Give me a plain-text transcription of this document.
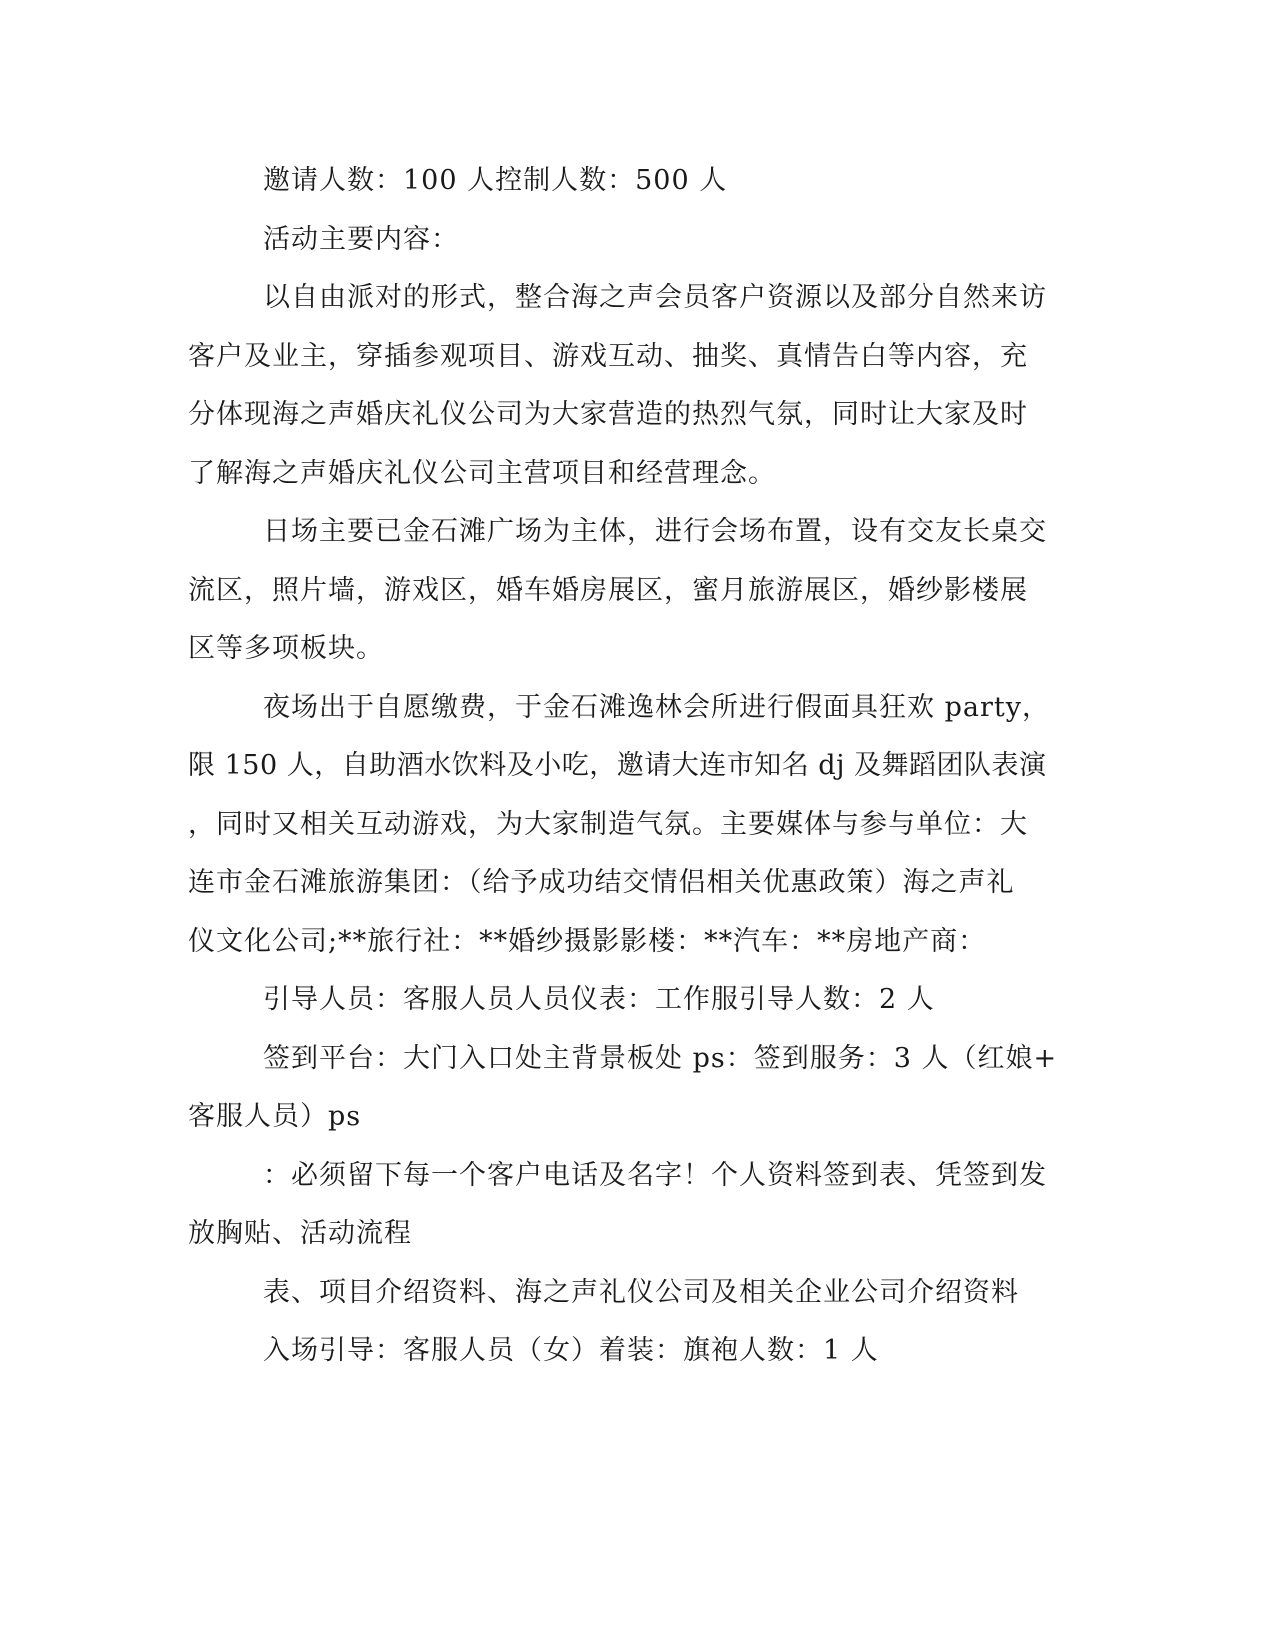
邀请人数：100 人控制人数：500 人
活动主要内容：
以自由派对的形式，整合海之声会员客户资源以及部分自然来访
客户及业主，穿插参观项目、游戏互动、抽奖、真情告白等内容，充
分体现海之声婚庆礼仪公司为大家营造的热烈气氛，同时让大家及时
了解海之声婚庆礼仪公司主营项目和经营理念。
日场主要已金石滩广场为主体，进行会场布置，设有交友长桌交
流区，照片墙，游戏区，婚车婚房展区，蜜月旅游展区，婚纱影楼展
区等多项板块。
夜场出于自愿缴费，于金石滩逸林会所进行假面具狂欢 party，
限 150 人，自助酒水饮料及小吃，邀请大连市知名 dj 及舞蹈团队表演
，同时又相关互动游戏，为大家制造气氛。主要媒体与参与单位：大
连市金石滩旅游集团：（给予成功结交情侣相关优惠政策）海之声礼
仪文化公司;**旅行社：**婚纱摄影影楼：**汽车：**房地产商：
引导人员：客服人员人员仪表：工作服引导人数：2 人
签到平台：大门入口处主背景板处 ps：签到服务：3 人（红娘+
客服人员）ps
：必须留下每一个客户电话及名字！个人资料签到表、凭签到发
放胸贴、活动流程
表、项目介绍资料、海之声礼仪公司及相关企业公司介绍资料
入场引导：客服人员（女）着装：旗袍人数：1 人
